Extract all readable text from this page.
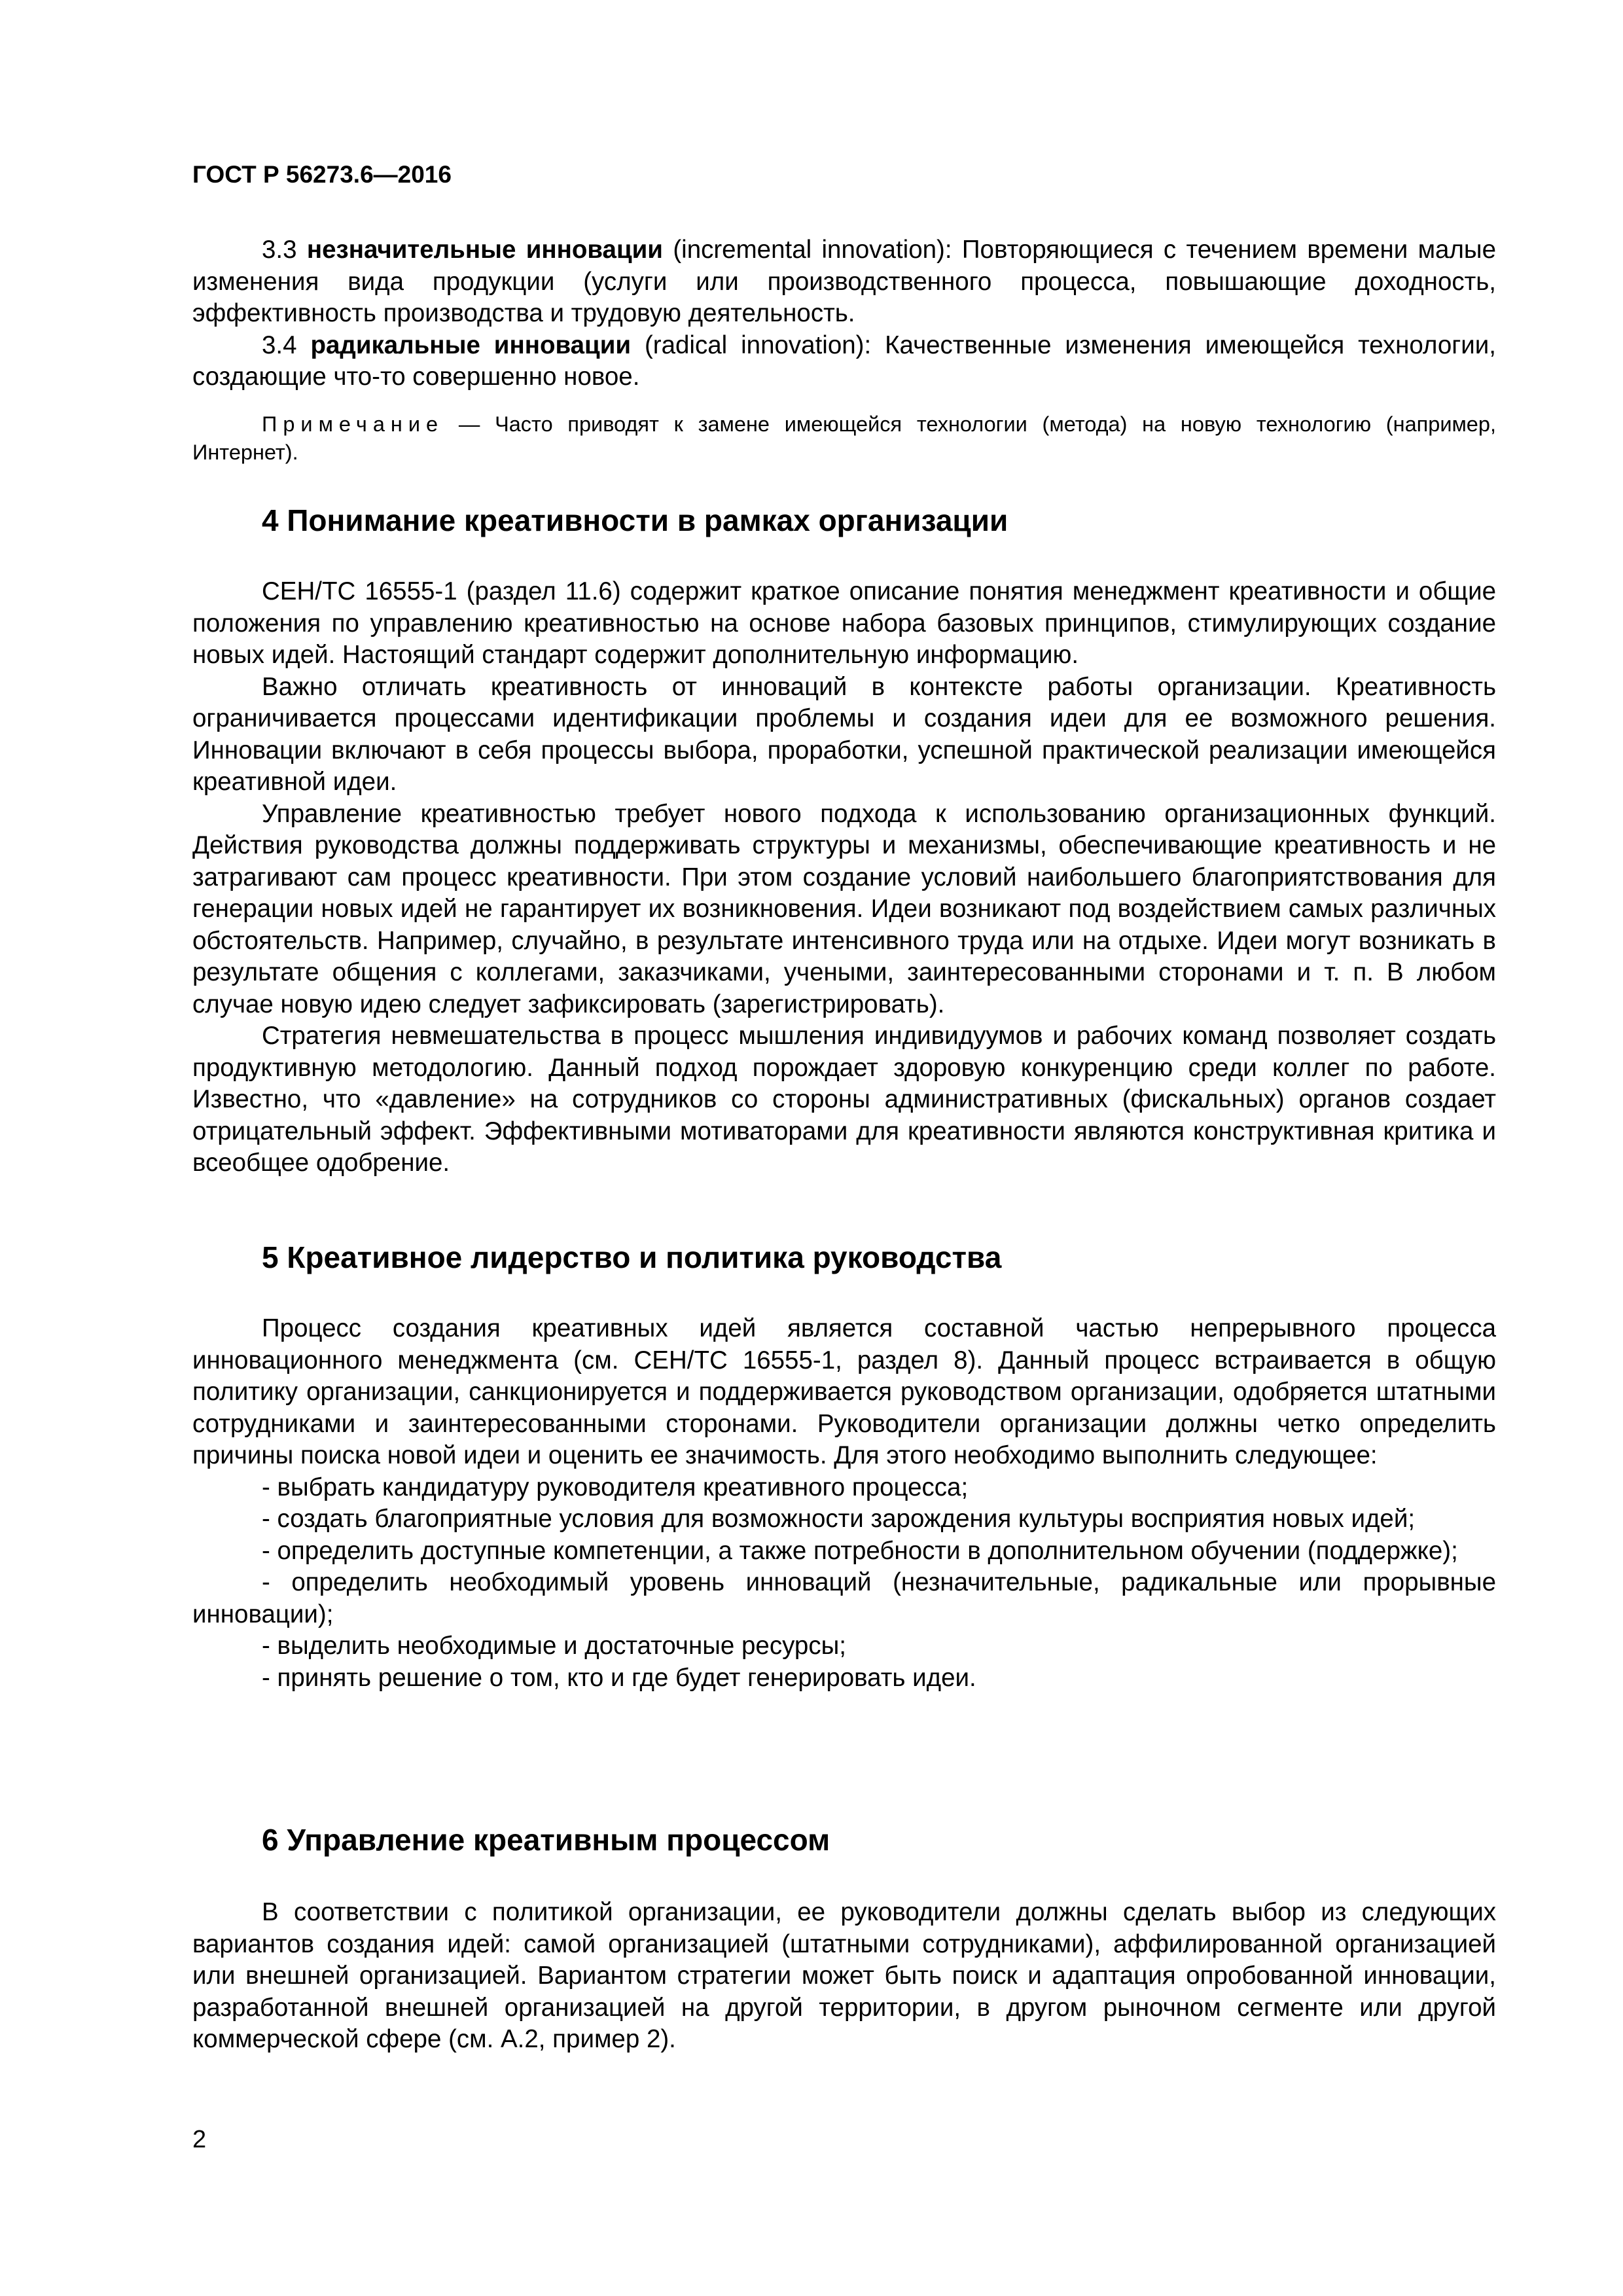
ГОСТ Р 56273.6—2016

3.3 незначительные инновации (incremental innovation): Повторяющиеся с течением времени малые изменения вида продукции (услуги или производственного процесса, повышающие доходность, эффективность производства и трудовую деятельность.

3.4 радикальные инновации (radical innovation): Качественные изменения имеющейся технологии, создающие что-то совершенно новое.

Примечание — Часто приводят к замене имеющейся технологии (метода) на новую технологию (например, Интернет).

4 Понимание креативности в рамках организации

СЕН/ТС 16555-1 (раздел 11.6) содержит краткое описание понятия менеджмент креативности и общие положения по управлению креативностью на основе набора базовых принципов, стимулирующих создание новых идей. Настоящий стандарт содержит дополнительную информацию.

Важно отличать креативность от инноваций в контексте работы организации. Креативность ограничивается процессами идентификации проблемы и создания идеи для ее возможного решения. Инновации включают в себя процессы выбора, проработки, успешной практической реализации имеющейся креативной идеи.

Управление креативностью требует нового подхода к использованию организационных функций. Действия руководства должны поддерживать структуры и механизмы, обеспечивающие креативность и не затрагивают сам процесс креативности. При этом создание условий наибольшего благоприятствования для генерации новых идей не гарантирует их возникновения. Идеи возникают под воздействием самых различных обстоятельств. Например, случайно, в результате интенсивного труда или на отдыхе. Идеи могут возникать в результате общения с коллегами, заказчиками, учеными, заинтересованными сторонами и т. п. В любом случае новую идею следует зафиксировать (зарегистрировать).

Стратегия невмешательства в процесс мышления индивидуумов и рабочих команд позволяет создать продуктивную методологию. Данный подход порождает здоровую конкуренцию среди коллег по работе. Известно, что «давление» на сотрудников со стороны административных (фискальных) органов создает отрицательный эффект. Эффективными мотиваторами для креативности являются конструктивная критика и всеобщее одобрение.

5 Креативное лидерство и политика руководства

Процесс создания креативных идей является составной частью непрерывного процесса инновационного менеджмента (см. СЕН/ТС 16555-1, раздел 8). Данный процесс встраивается в общую политику организации, санкционируется и поддерживается руководством организации, одобряется штатными сотрудниками и заинтересованными сторонами. Руководители организации должны четко определить причины поиска новой идеи и оценить ее значимость. Для этого необходимо выполнить следующее:

- выбрать кандидатуру руководителя креативного процесса;

- создать благоприятные условия для возможности зарождения культуры восприятия новых идей;

- определить доступные компетенции, а также потребности в дополнительном обучении (поддержке);

- определить необходимый уровень инноваций (незначительные, радикальные или прорывные инновации);

- выделить необходимые и достаточные ресурсы;

- принять решение о том, кто и где будет генерировать идеи.

6 Управление креативным процессом

В соответствии с политикой организации, ее руководители должны сделать выбор из следующих вариантов создания идей: самой организацией (штатными сотрудниками), аффилированной организацией или внешней организацией. Вариантом стратегии может быть поиск и адаптация опробованной инновации, разработанной внешней организацией на другой территории, в другом рыночном сегменте или другой коммерческой сфере (см. А.2, пример 2).

2
